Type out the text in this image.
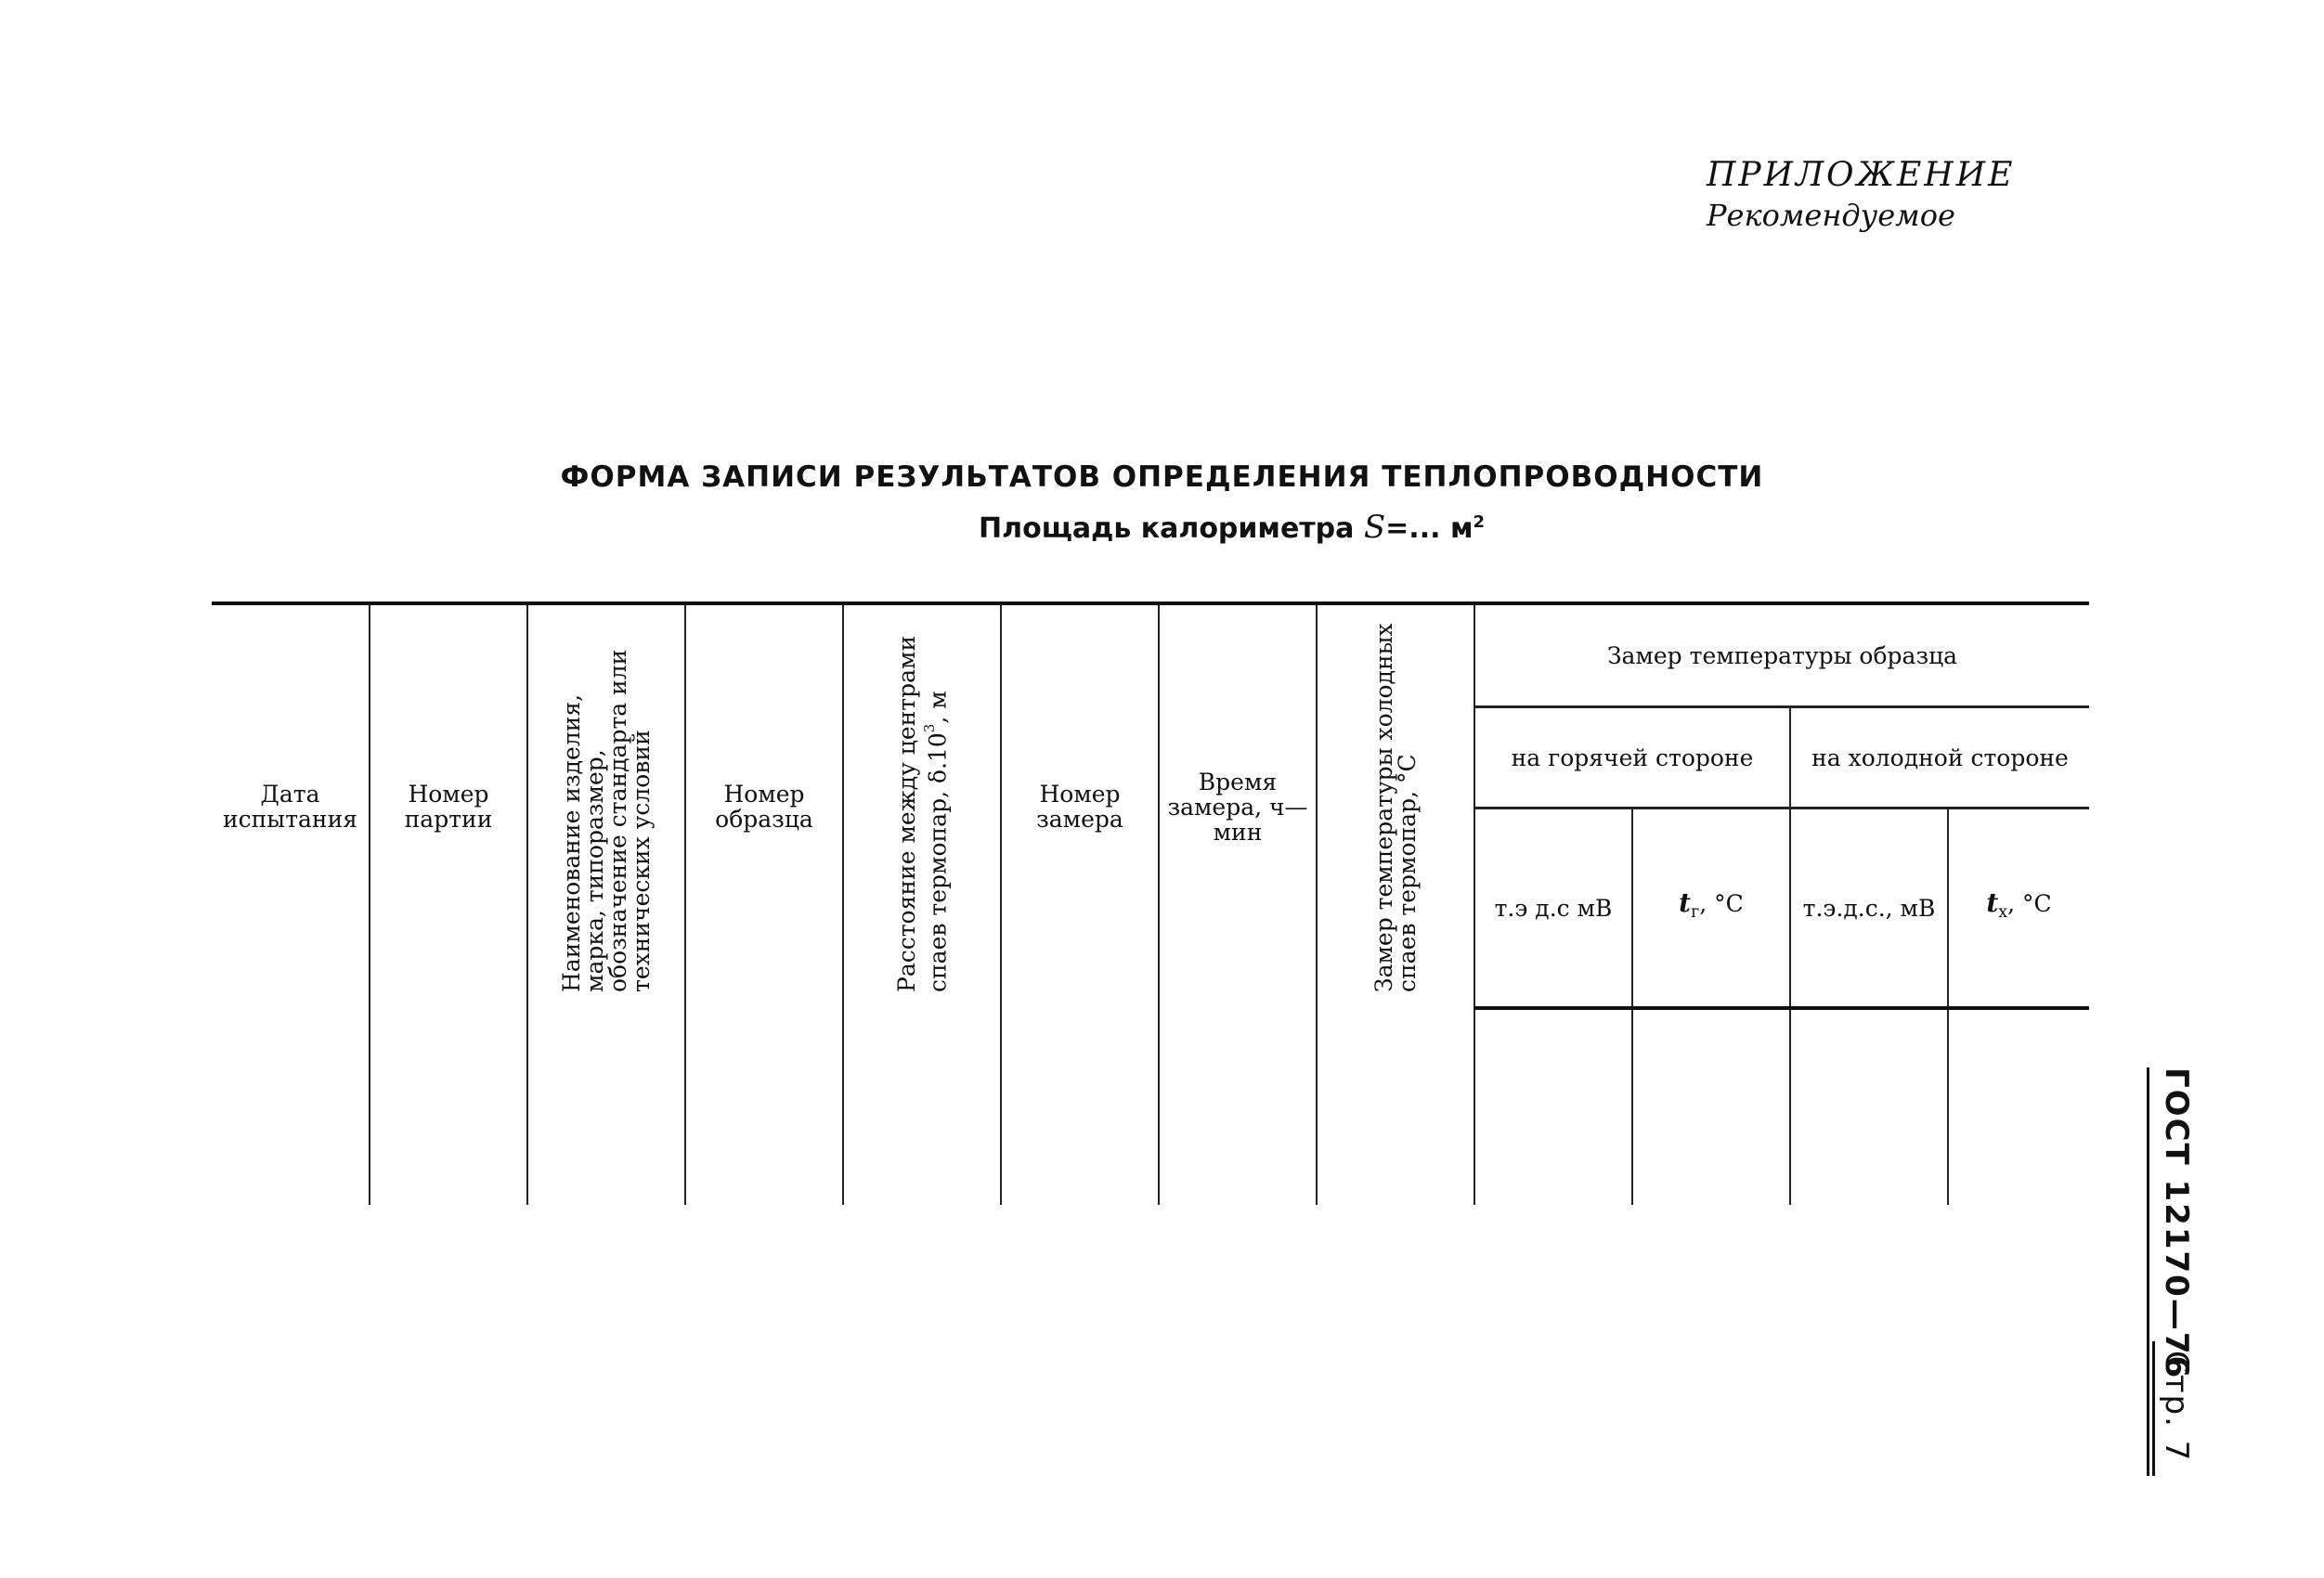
ПРИЛОЖЕНИЕ
Рекомендуемое
ФОРМА ЗАПИСИ РЕЗУЛЬТАТОВ ОПРЕДЕЛЕНИЯ ТЕПЛОПРОВОДНОСТИ
Площадь калориметра S=... $м^2$
Дата испытания	Номер партии	Наименование изделия, марка, типоразмер, обозначение стандарта или технических условий	Номер образца	Расстояние между центрами спаев термопар, $\delta.10^3$, м	Номер замера	Время замера, ч—мин	Замер температуры холодных спаев термопар, °С	Замер температуры образца			
								на горячей стороне		на холодной стороне	
								т.э д.с мВ	$t_г$, °С	т.э.д.с., мВ	$t_х$, °С

ГОСТ 12170—76
Стр. 7
